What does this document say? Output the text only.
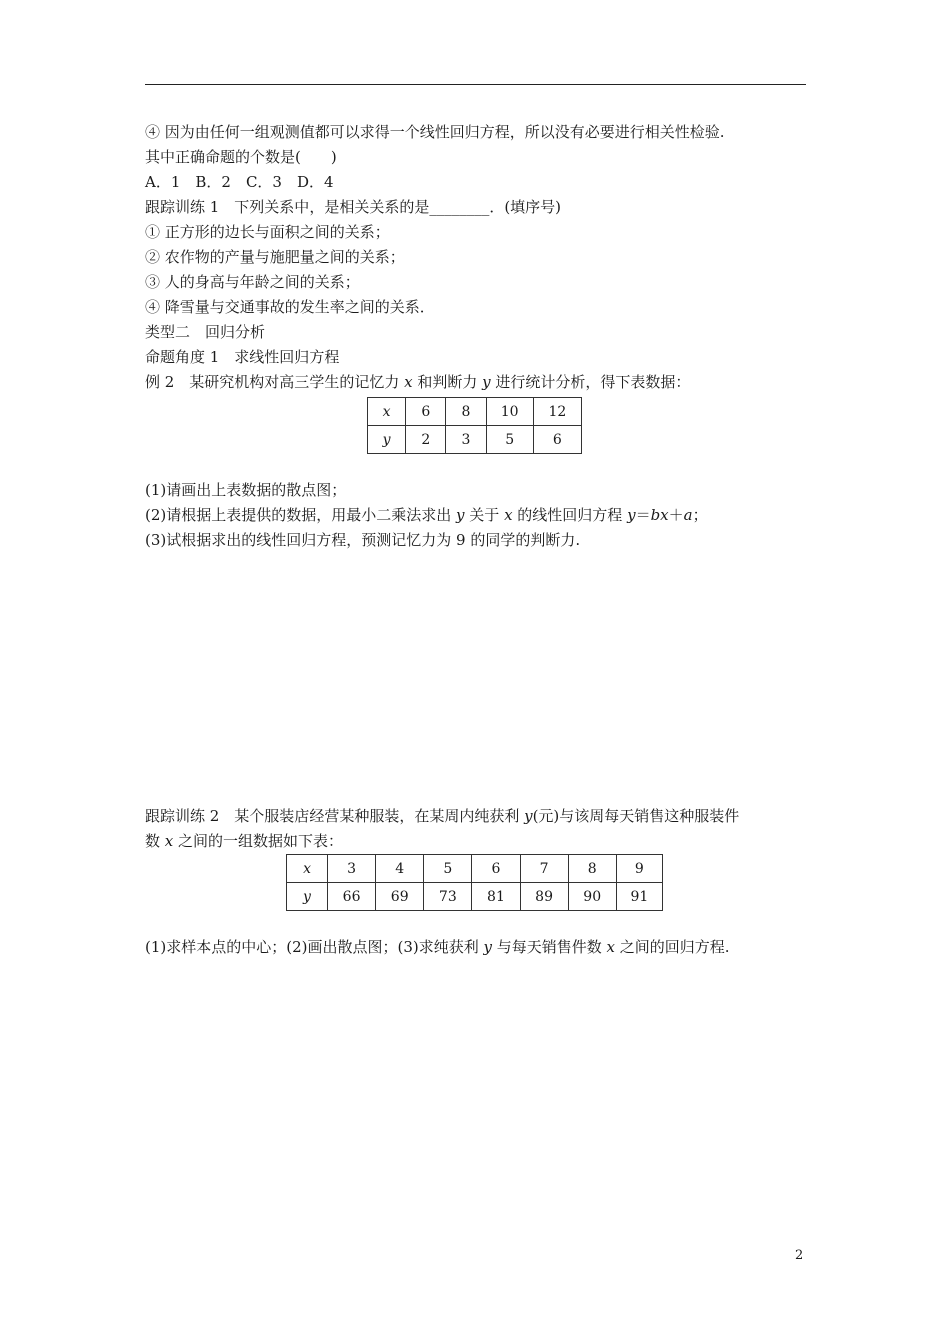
④ 因为由任何一组观测值都可以求得一个线性回归方程，所以没有必要进行相关性检验.
其中正确命题的个数是(　　)
A．1　B．2　C．3　D．4
跟踪训练 1　下列关系中，是相关关系的是________．(填序号)
① 正方形的边长与面积之间的关系；
② 农作物的产量与施肥量之间的关系；
③ 人的身高与年龄之间的关系；
④ 降雪量与交通事故的发生率之间的关系．
类型二　回归分析
命题角度 1　求线性回归方程
例 2　某研究机构对高三学生的记忆力 x 和判断力 y 进行统计分析，得下表数据：
x	6	8	10	12
y	2	3	5	6
(1)请画出上表数据的散点图；
(2)请根据上表提供的数据，用最小二乘法求出 y 关于 x 的线性回归方程 y＝bx＋a；
(3)试根据求出的线性回归方程，预测记忆力为 9 的同学的判断力.
跟踪训练 2　某个服装店经营某种服装，在某周内纯获利 y(元)与该周每天销售这种服装件
数 x 之间的一组数据如下表：
x	3	4	5	6	7	8	9
y	66	69	73	81	89	90	91
(1)求样本点的中心；(2)画出散点图；(3)求纯获利 y 与每天销售件数 x 之间的回归方程.
2
